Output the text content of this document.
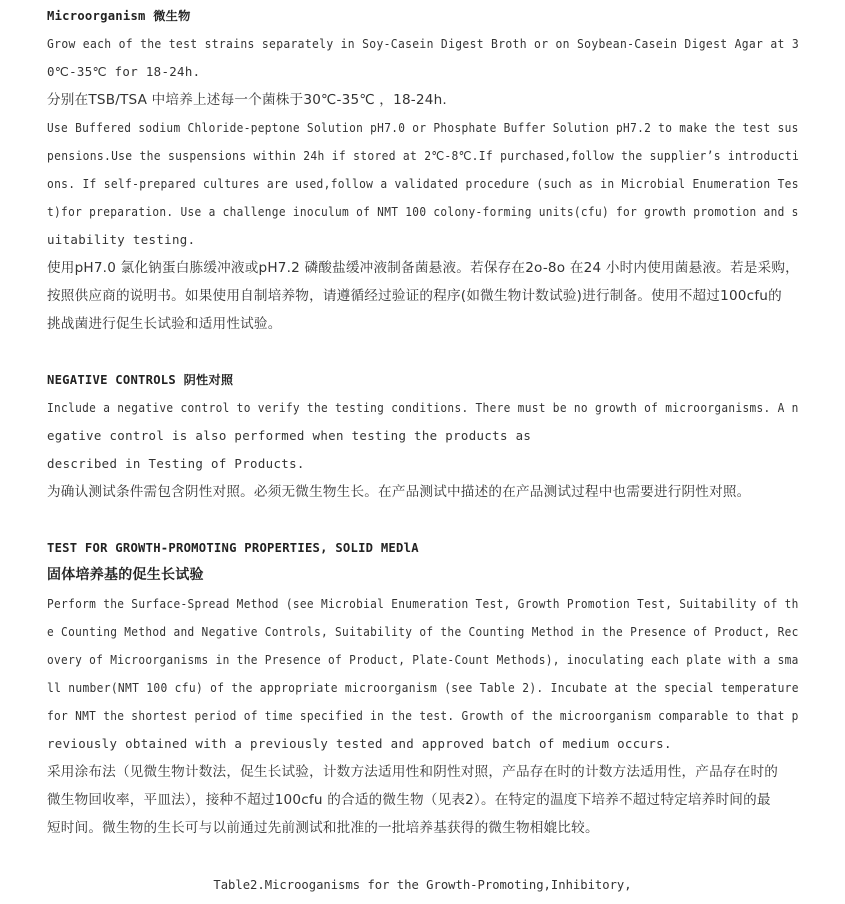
Microorganism 微生物
Grow each of the test strains separately in Soy-Casein Digest Broth or on Soybean-Casein Digest Agar at 3
0℃-35℃ for 18-24h.
分别在TSB/TSA 中培养上述每一个菌株于30℃-35℃ ，18-24h.
Use Buffered sodium Chloride-peptone Solution pH7.0 or Phosphate Buffer Solution pH7.2 to make the test sus
pensions.Use the suspensions within 24h if stored at 2℃-8℃.If purchased,follow the supplier’s introducti
ons. If self-prepared cultures are used,follow a validated procedure (such as in Microbial Enumeration Tes
t)for preparation. Use a challenge inoculum of NMT 100 colony-forming units(cfu) for growth promotion and s
uitability testing.
使用pH7.0 氯化钠蛋白胨缓冲液或pH7.2 磷酸盐缓冲液制备菌悬液。若保存在2o-8o 在24 小时内使用菌悬液。若是采购，
按照供应商的说明书。如果使用自制培养物，请遵循经过验证的程序(如微生物计数试验)进行制备。使用不超过100cfu的
挑战菌进行促生长试验和适用性试验。
NEGATIVE CONTROLS 阴性对照
Include a negative control to verify the testing conditions. There must be no growth of microorganisms. A n
egative control is also performed when testing the products as
described in Testing of Products.
为确认测试条件需包含阴性对照。必须无微生物生长。在产品测试中描述的在产品测试过程中也需要进行阴性对照。
TEST FOR GROWTH-PROMOTING PROPERTIES, SOLID MEDlA
固体培养基的促生长试验
Perform the Surface-Spread Method (see Microbial Enumeration Test, Growth Promotion Test, Suitability of th
e Counting Method and Negative Controls, Suitability of the Counting Method in the Presence of Product, Rec
overy of Microorganisms in the Presence of Product, Plate-Count Methods), inoculating each plate with a sma
ll number(NMT 100 cfu) of the appropriate microorganism (see Table 2). Incubate at the special temperature
for NMT the shortest period of time specified in the test. Growth of the microorganism comparable to that p
reviously obtained with a previously tested and approved batch of medium occurs.
采用涂布法（见微生物计数法，促生长试验，计数方法适用性和阴性对照，产品存在时的计数方法适用性，产品存在时的
微生物回收率，平皿法），接种不超过100cfu 的合适的微生物（见表2）。在特定的温度下培养不超过特定培养时间的最
短时间。微生物的生长可与以前通过先前测试和批准的一批培养基获得的微生物相媲比较。
Table2.Microoganisms for the Growth-Promoting,Inhibitory,
